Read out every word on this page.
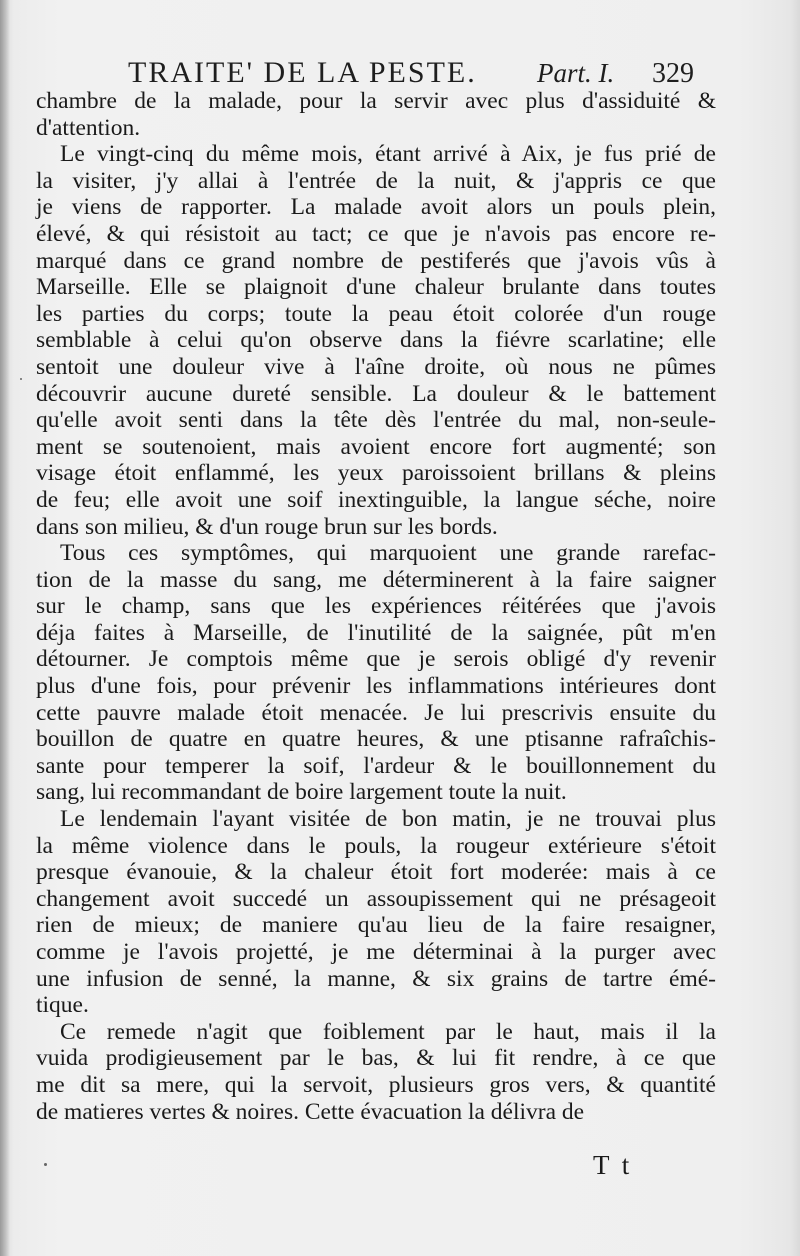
TRAITE' DE LA PESTE. Part. I. 329
chambre de la malade, pour la servir avec plus d'assiduité &
d'attention.
Le vingt-cinq du même mois, étant arrivé à Aix, je fus prié de
la visiter, j'y allai à l'entrée de la nuit, & j'appris ce que
je viens de rapporter. La malade avoit alors un pouls plein,
élevé, & qui résistoit au tact; ce que je n'avois pas encore re-
marqué dans ce grand nombre de pestiferés que j'avois vûs à
Marseille. Elle se plaignoit d'une chaleur brulante dans toutes
les parties du corps; toute la peau étoit colorée d'un rouge
semblable à celui qu'on observe dans la fiévre scarlatine; elle
sentoit une douleur vive à l'aîne droite, où nous ne pûmes
découvrir aucune dureté sensible. La douleur & le battement
qu'elle avoit senti dans la tête dès l'entrée du mal, non-seule-
ment se soutenoient, mais avoient encore fort augmenté; son
visage étoit enflammé, les yeux paroissoient brillans & pleins
de feu; elle avoit une soif inextinguible, la langue séche, noire
dans son milieu, & d'un rouge brun sur les bords.
Tous ces symptômes, qui marquoient une grande rarefac-
tion de la masse du sang, me déterminerent à la faire saigner
sur le champ, sans que les expériences réitérées que j'avois
déja faites à Marseille, de l'inutilité de la saignée, pût m'en
détourner. Je comptois même que je serois obligé d'y revenir
plus d'une fois, pour prévenir les inflammations intérieures dont
cette pauvre malade étoit menacée. Je lui prescrivis ensuite du
bouillon de quatre en quatre heures, & une ptisanne rafraîchis-
sante pour temperer la soif, l'ardeur & le bouillonnement du
sang, lui recommandant de boire largement toute la nuit.
Le lendemain l'ayant visitée de bon matin, je ne trouvai plus
la même violence dans le pouls, la rougeur extérieure s'étoit
presque évanouie, & la chaleur étoit fort moderée: mais à ce
changement avoit succedé un assoupissement qui ne présageoit
rien de mieux; de maniere qu'au lieu de la faire resaigner,
comme je l'avois projetté, je me déterminai à la purger avec
une infusion de senné, la manne, & six grains de tartre émé-
tique.
Ce remede n'agit que foiblement par le haut, mais il la
vuida prodigieusement par le bas, & lui fit rendre, à ce que
me dit sa mere, qui la servoit, plusieurs gros vers, & quantité
de matieres vertes & noires. Cette évacuation la délivra de
T t
